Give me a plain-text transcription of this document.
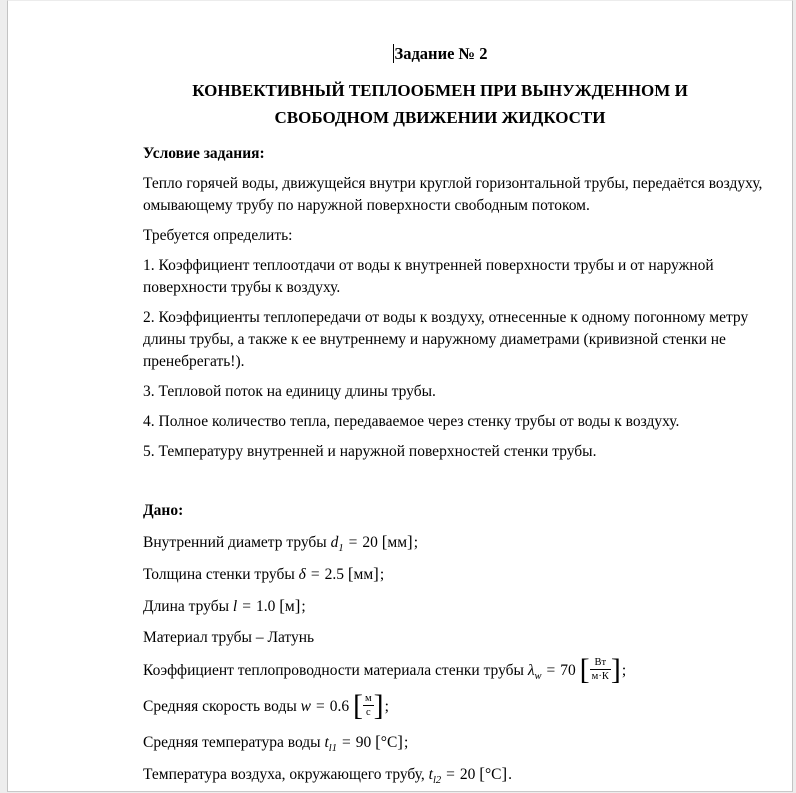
Задание № 2
КОНВЕКТИВНЫЙ ТЕПЛООБМЕН ПРИ ВЫНУЖДЕННОМ И
СВОБОДНОМ ДВИЖЕНИИ ЖИДКОСТИ

Условие задания:

Тепло горячей воды, движущейся внутри круглой горизонтальной трубы, передаётся воздуху, омывающему трубу по наружной поверхности свободным потоком.

Требуется определить:

1. Коэффициент теплоотдачи от воды к внутренней поверхности трубы и от наружной поверхности трубы к воздуху.

2. Коэффициенты теплопередачи от воды к воздуху, отнесенные к одному погонному метру длины трубы, а также к ее внутреннему и наружному диаметрами (кривизной стенки не пренебрегать!).

3. Тепловой поток на единицу длины трубы.

4. Полное количество тепла, передаваемое через стенку трубы от воды к воздуху.

5. Температуру внутренней и наружной поверхностей стенки трубы.

Дано:

Внутренний диаметр трубы $d_1 = 20$ [мм];

Толщина стенки трубы δ = 2.5 [мм];

Длина трубы l = 1.0 [м];

Материал трубы – Латунь

Коэффициент теплопроводности материала стенки трубы $\lambda_w = 70$ [ $\frac{Вт}{м\cdot К}$ ];

Средняя скорость воды w = 0.6 [ $\frac{м}{с}$ ];

Средняя температура воды $t_{l1} = 90$ [°C];

Температура воздуха, окружающего трубу, $t_{l2} = 20$ [°C].
